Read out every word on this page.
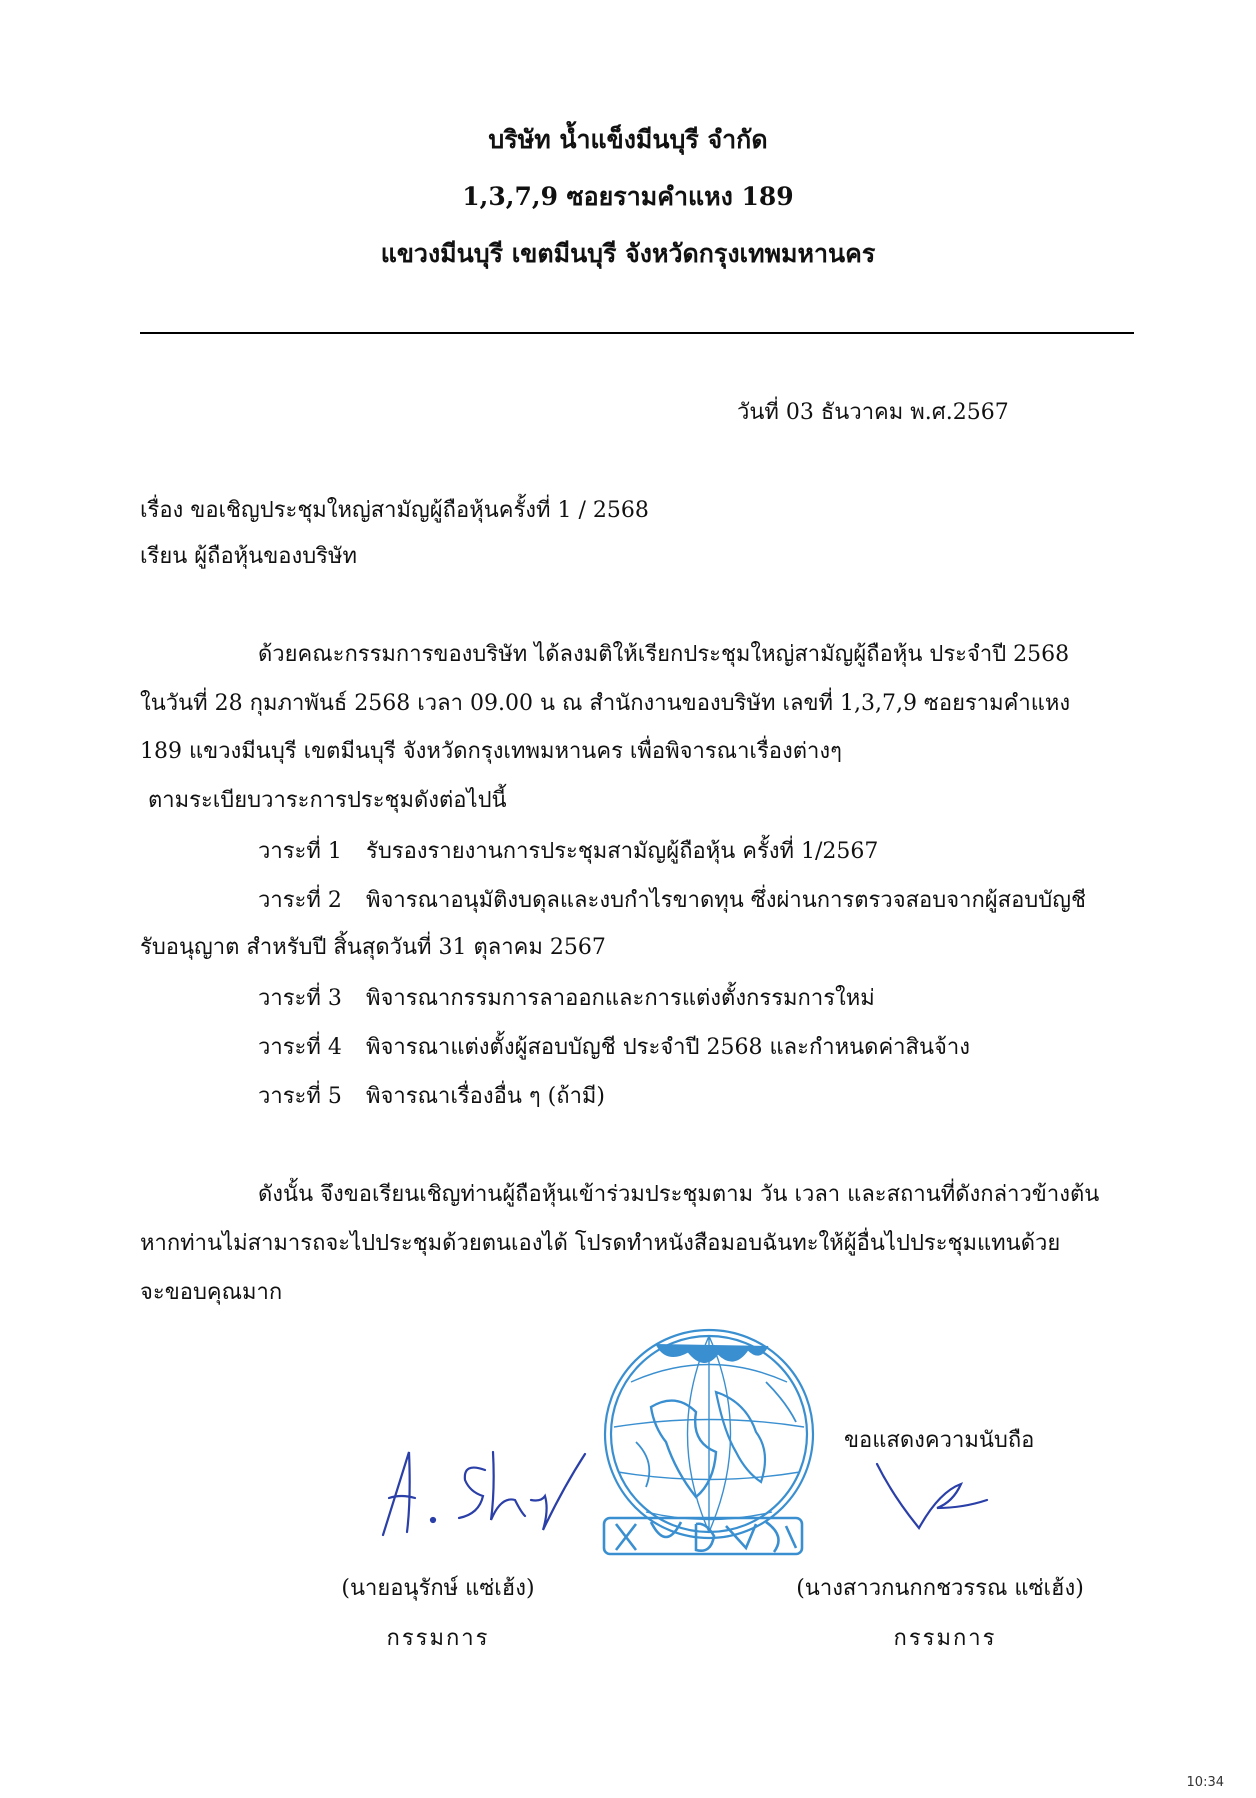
บริษัท น้ำแข็งมีนบุรี จำกัด
1,3,7,9 ซอยรามคำแหง 189
แขวงมีนบุรี เขตมีนบุรี จังหวัดกรุงเทพมหานคร
วันที่ 03 ธันวาคม พ.ศ.2567
เรื่อง ขอเชิญประชุมใหญ่สามัญผู้ถือหุ้นครั้งที่ 1 / 2568
เรียน ผู้ถือหุ้นของบริษัท
ด้วยคณะกรรมการของบริษัท ได้ลงมติให้เรียกประชุมใหญ่สามัญผู้ถือหุ้น ประจำปี 2568
ในวันที่ 28 กุมภาพันธ์ 2568 เวลา 09.00 น ณ สำนักงานของบริษัท เลขที่ 1,3,7,9 ซอยรามคำแหง
189 แขวงมีนบุรี เขตมีนบุรี จังหวัดกรุงเทพมหานคร เพื่อพิจารณาเรื่องต่างๆ
ตามระเบียบวาระการประชุมดังต่อไปนี้
วาระที่ 1 รับรองรายงานการประชุมสามัญผู้ถือหุ้น ครั้งที่ 1/2567
วาระที่ 2 พิจารณาอนุมัติงบดุลและงบกำไรขาดทุน ซึ่งผ่านการตรวจสอบจากผู้สอบบัญชี
รับอนุญาต สำหรับปี สิ้นสุดวันที่ 31 ตุลาคม 2567
วาระที่ 3 พิจารณากรรมการลาออกและการแต่งตั้งกรรมการใหม่
วาระที่ 4 พิจารณาแต่งตั้งผู้สอบบัญชี ประจำปี 2568 และกำหนดค่าสินจ้าง
วาระที่ 5 พิจารณาเรื่องอื่น ๆ (ถ้ามี)
ดังนั้น จึงขอเรียนเชิญท่านผู้ถือหุ้นเข้าร่วมประชุมตาม วัน เวลา และสถานที่ดังกล่าวข้างต้น
หากท่านไม่สามารถจะไปประชุมด้วยตนเองได้ โปรดทำหนังสือมอบฉันทะให้ผู้อื่นไปประชุมแทนด้วย
จะขอบคุณมาก
ขอแสดงความนับถือ
(นายอนุรักษ์ แซ่เฮ้ง)
กรรมการ
(นางสาวกนกกชวรรณ แซ่เฮ้ง)
กรรมการ
10:34
